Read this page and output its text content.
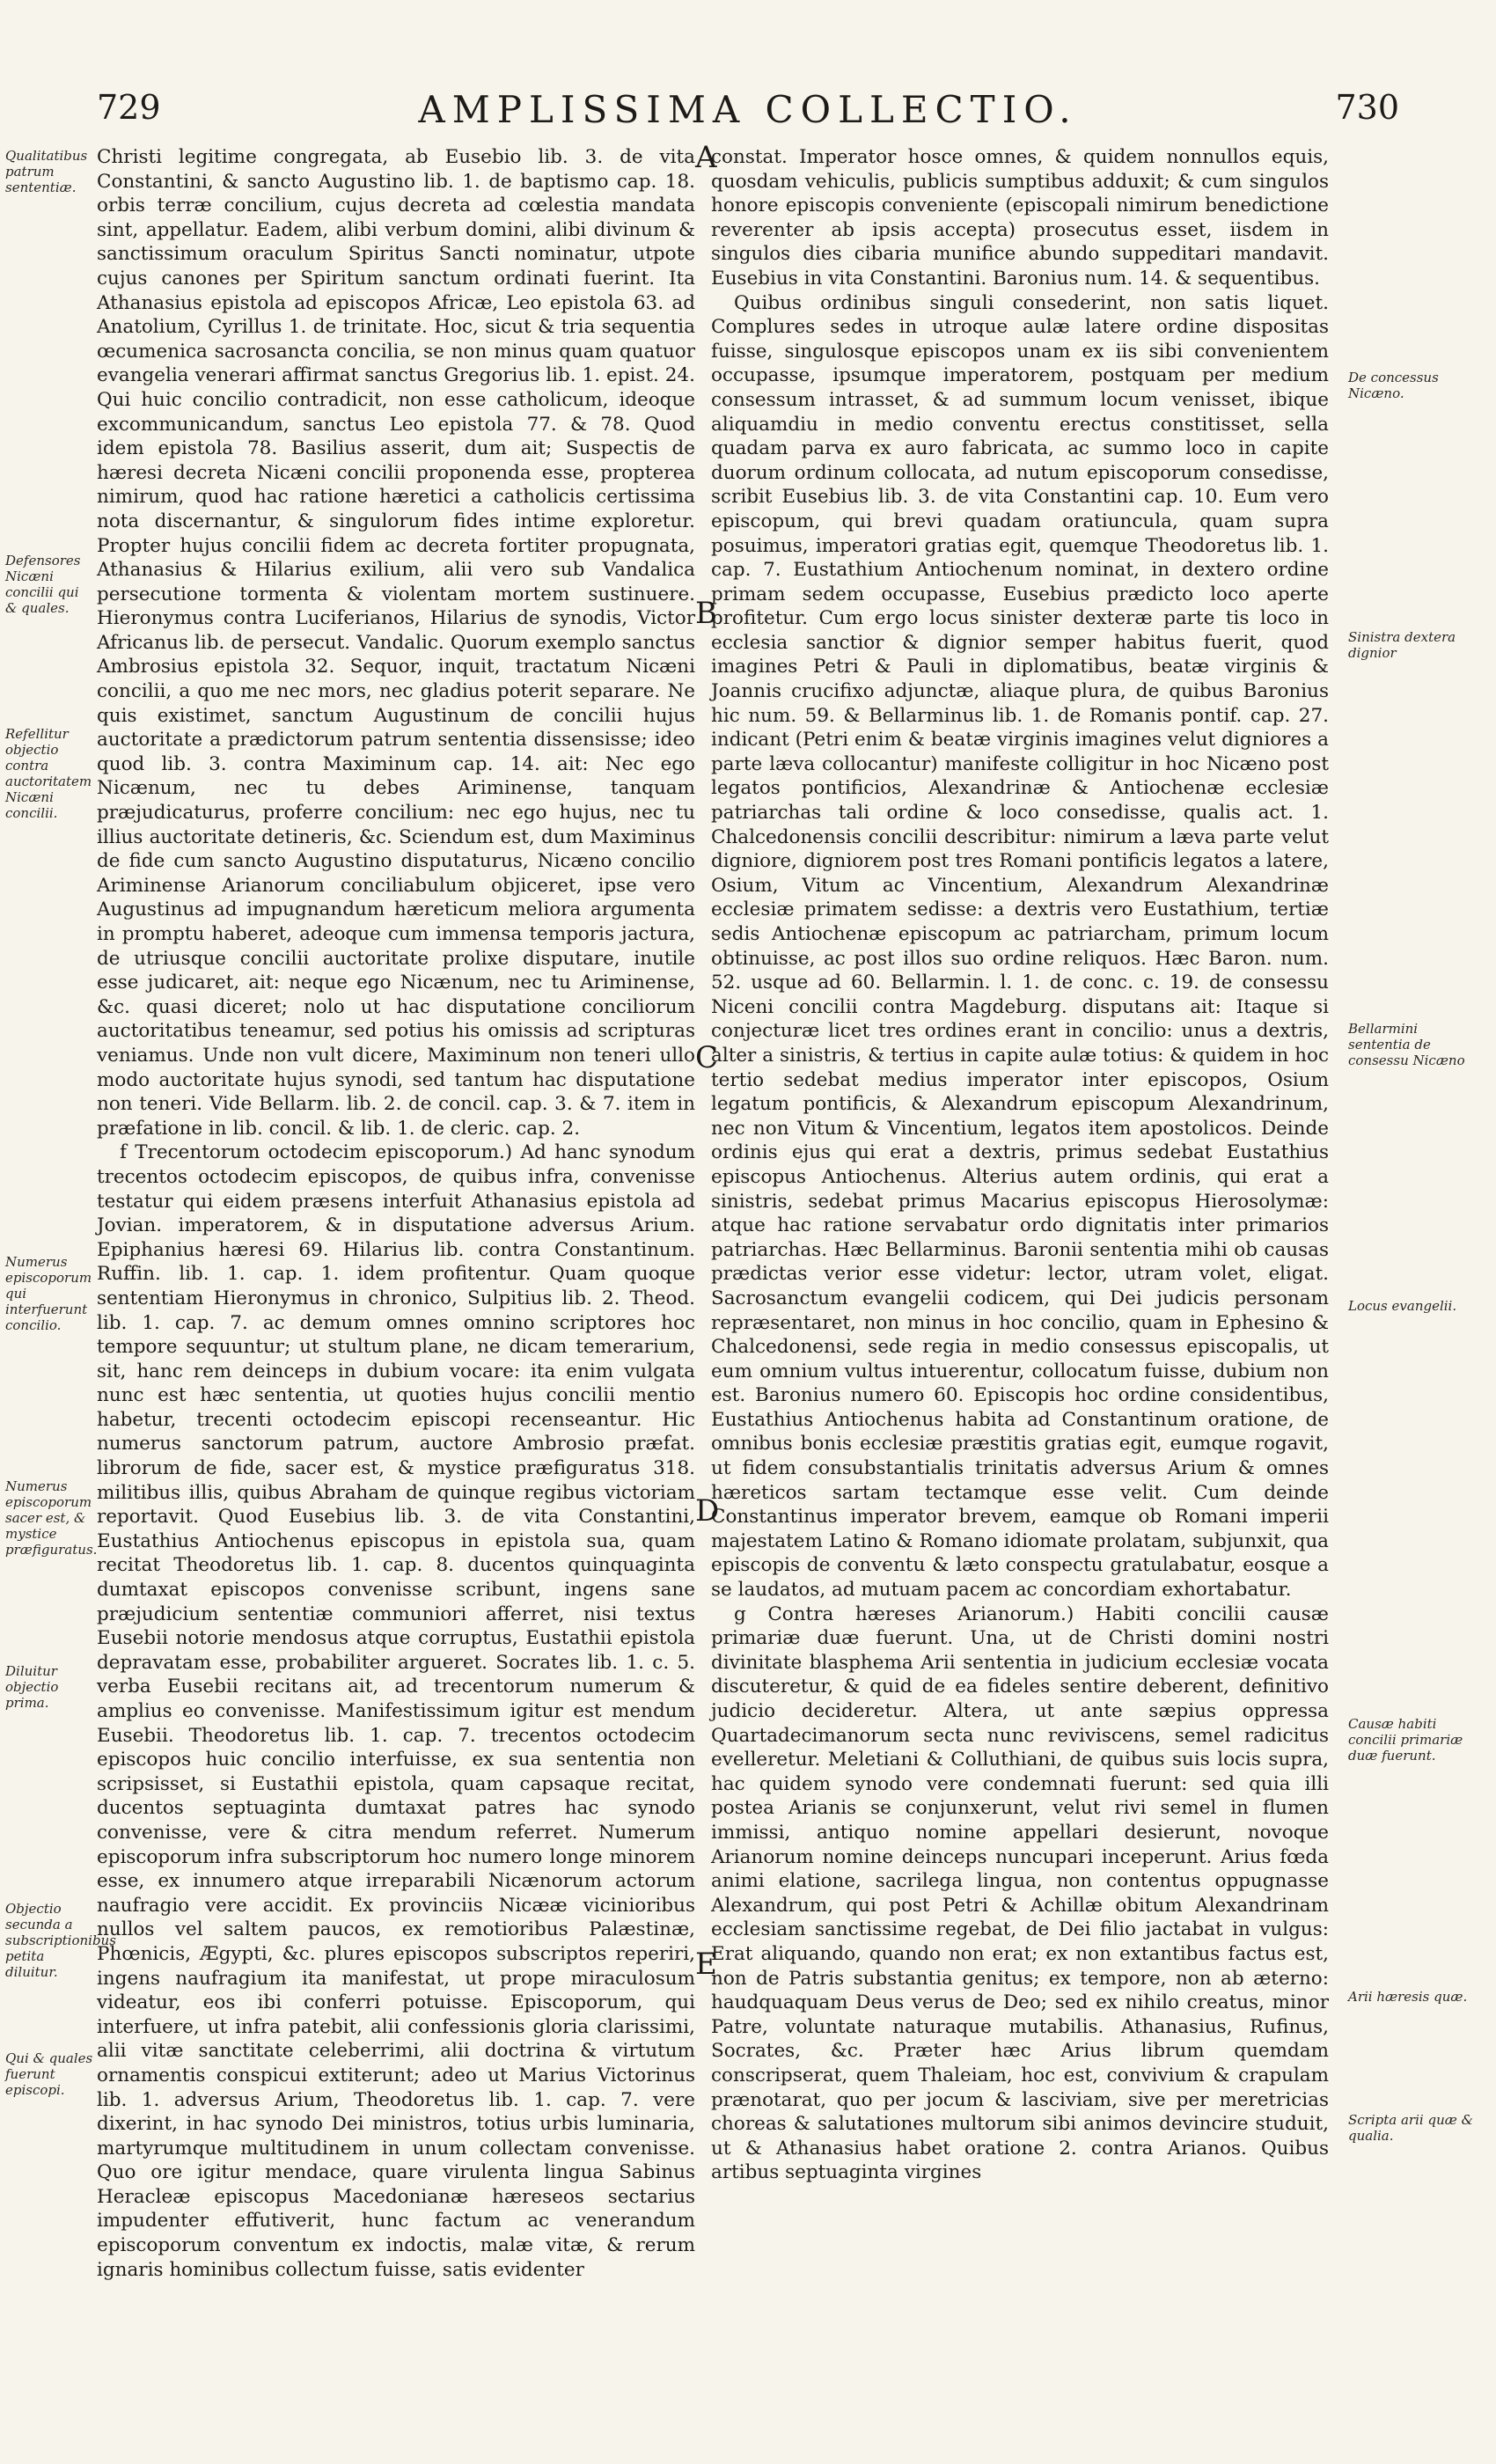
729	AMPLISSIMA COLLECTIO.	730
Qualitatibus patrum sententiæ.
Defensores Nicæni concilii qui & quales.
Refellitur objectio contra auctoritatem Nicæni concilii.
Numerus episcoporum qui interfuerunt concilio.
Numerus episcoporum sacer est, & mystice præfiguratus.
Diluitur objectio prima.
Objectio secunda a subscriptionibus petita diluitur.
Qui & quales fuerunt episcopi.
De concessus Nicæno.
Sinistra dextera dignior
Bellarmini sententia de consessu Nicæno
Locus evangelii.
Causæ habiti concilii primariæ duæ fuerunt.
Arii hæresis quæ.
Scripta arii quæ & qualia.
A
B
C
D
E

Christi legitime congregata, ab Eusebio lib. 3. de vita Constantini, & sancto Augustino lib. 1. de baptismo cap. 18. orbis terræ concilium, cujus decreta ad cœlestia mandata sint, appellatur. Eadem, alibi verbum domini, alibi divinum & sanctissimum oraculum Spiritus Sancti nominatur, utpote cujus canones per Spiritum sanctum ordinati fuerint. Ita Athanasius epistola ad episcopos Africæ, Leo epistola 63. ad Anatolium, Cyrillus 1. de trinitate. Hoc, sicut & tria sequentia œcumenica sacrosancta concilia, se non minus quam quatuor evangelia venerari affirmat sanctus Gregorius lib. 1. epist. 24. Qui huic concilio contradicit, non esse catholicum, ideoque excommunicandum, sanctus Leo epistola 77. & 78. Quod idem epistola 78. Basilius asserit, dum ait; Suspectis de hæresi decreta Nicæni concilii proponenda esse, propterea nimirum, quod hac ratione hæretici a catholicis certissima nota discernantur, & singulorum fides intime exploretur. Propter hujus concilii fidem ac decreta fortiter propugnata, Athanasius & Hilarius exilium, alii vero sub Vandalica persecutione tormenta & violentam mortem sustinuere. Hieronymus contra Luciferianos, Hilarius de synodis, Victor Africanus lib. de persecut. Vandalic. Quorum exemplo sanctus Ambrosius epistola 32. Sequor, inquit, tractatum Nicæni concilii, a quo me nec mors, nec gladius poterit separare. Ne quis existimet, sanctum Augustinum de concilii hujus auctoritate a prædictorum patrum sententia dissensisse; ideo quod lib. 3. contra Maximinum cap. 14. ait: Nec ego Nicænum, nec tu debes Ariminense, tanquam præjudicaturus, proferre concilium: nec ego hujus, nec tu illius auctoritate detineris, &c. Sciendum est, dum Maximinus de fide cum sancto Augustino disputaturus, Nicæno concilio Ariminense Arianorum conciliabulum objiceret, ipse vero Augustinus ad impugnandum hæreticum meliora argumenta in promptu haberet, adeoque cum immensa temporis jactura, de utriusque concilii auctoritate prolixe disputare, inutile esse judicaret, ait: neque ego Nicænum, nec tu Ariminense, &c. quasi diceret; nolo ut hac disputatione conciliorum auctoritatibus teneamur, sed potius his omissis ad scripturas veniamus. Unde non vult dicere, Maximinum non teneri ullo modo auctoritate hujus synodi, sed tantum hac disputatione non teneri. Vide Bellarm. lib. 2. de concil. cap. 3. & 7. item in præfatione in lib. concil. & lib. 1. de cleric. cap. 2.

f Trecentorum octodecim episcoporum.) Ad hanc synodum trecentos octodecim episcopos, de quibus infra, convenisse testatur qui eidem præsens interfuit Athanasius epistola ad Jovian. imperatorem, & in disputatione adversus Arium. Epiphanius hæresi 69. Hilarius lib. contra Constantinum. Ruffin. lib. 1. cap. 1. idem profitentur. Quam quoque sententiam Hieronymus in chronico, Sulpitius lib. 2. Theod. lib. 1. cap. 7. ac demum omnes omnino scriptores hoc tempore sequuntur; ut stultum plane, ne dicam temerarium, sit, hanc rem deinceps in dubium vocare: ita enim vulgata nunc est hæc sententia, ut quoties hujus concilii mentio habetur, trecenti octodecim episcopi recenseantur. Hic numerus sanctorum patrum, auctore Ambrosio præfat. librorum de fide, sacer est, & mystice præfiguratus 318. militibus illis, quibus Abraham de quinque regibus victoriam reportavit. Quod Eusebius lib. 3. de vita Constantini, Eustathius Antiochenus episcopus in epistola sua, quam recitat Theodoretus lib. 1. cap. 8. ducentos quinquaginta dumtaxat episcopos convenisse scribunt, ingens sane præjudicium sententiæ communiori afferret, nisi textus Eusebii notorie mendosus atque corruptus, Eustathii epistola depravatam esse, probabiliter argueret. Socrates lib. 1. c. 5. verba Eusebii recitans ait, ad trecentorum numerum & amplius eo convenisse. Manifestissimum igitur est mendum Eusebii. Theodoretus lib. 1. cap. 7. trecentos octodecim episcopos huic concilio interfuisse, ex sua sententia non scripsisset, si Eustathii epistola, quam capsaque recitat, ducentos septuaginta dumtaxat patres hac synodo convenisse, vere & citra mendum referret. Numerum episcoporum infra subscriptorum hoc numero longe minorem esse, ex innumero atque irreparabili Nicænorum actorum naufragio vere accidit. Ex provinciis Nicææ vicinioribus nullos vel saltem paucos, ex remotioribus Palæstinæ, Phœnicis, Ægypti, &c. plures episcopos subscriptos reperiri, ingens naufragium ita manifestat, ut prope miraculosum videatur, eos ibi conferri potuisse. Episcoporum, qui interfuere, ut infra patebit, alii confessionis gloria clarissimi, alii vitæ sanctitate celeberrimi, alii doctrina & virtutum ornamentis conspicui extiterunt; adeo ut Marius Victorinus lib. 1. adversus Arium, Theodoretus lib. 1. cap. 7. vere dixerint, in hac synodo Dei ministros, totius urbis luminaria, martyrumque multitudinem in unum collectam convenisse. Quo ore igitur mendace, quare virulenta lingua Sabinus Heracleæ episcopus Macedonianæ hæreseos sectarius impudenter effutiverit, hunc factum ac venerandum episcoporum conventum ex indoctis, malæ vitæ, & rerum ignaris hominibus collectum fuisse, satis evidenter

constat. Imperator hosce omnes, & quidem nonnullos equis, quosdam vehiculis, publicis sumptibus adduxit; & cum singulos honore episcopis conveniente (episcopali nimirum benedictione reverenter ab ipsis accepta) prosecutus esset, iisdem in singulos dies cibaria munifice abundo suppeditari mandavit. Eusebius in vita Constantini. Baronius num. 14. & sequentibus.

Quibus ordinibus singuli consederint, non satis liquet. Complures sedes in utroque aulæ latere ordine dispositas fuisse, singulosque episcopos unam ex iis sibi convenientem occupasse, ipsumque imperatorem, postquam per medium consessum intrasset, & ad summum locum venisset, ibique aliquamdiu in medio conventu erectus constitisset, sella quadam parva ex auro fabricata, ac summo loco in capite duorum ordinum collocata, ad nutum episcoporum consedisse, scribit Eusebius lib. 3. de vita Constantini cap. 10. Eum vero episcopum, qui brevi quadam oratiuncula, quam supra posuimus, imperatori gratias egit, quemque Theodoretus lib. 1. cap. 7. Eustathium Antiochenum nominat, in dextero ordine primam sedem occupasse, Eusebius prædicto loco aperte profitetur. Cum ergo locus sinister dexteræ parte tis loco in ecclesia sanctior & dignior semper habitus fuerit, quod imagines Petri & Pauli in diplomatibus, beatæ virginis & Joannis crucifixo adjunctæ, aliaque plura, de quibus Baronius hic num. 59. & Bellarminus lib. 1. de Romanis pontif. cap. 27. indicant (Petri enim & beatæ virginis imagines velut digniores a parte læva collocantur) manifeste colligitur in hoc Nicæno post legatos pontificios, Alexandrinæ & Antiochenæ ecclesiæ patriarchas tali ordine & loco consedisse, qualis act. 1. Chalcedonensis concilii describitur: nimirum a læva parte velut digniore, digniorem post tres Romani pontificis legatos a latere, Osium, Vitum ac Vincentium, Alexandrum Alexandrinæ ecclesiæ primatem sedisse: a dextris vero Eustathium, tertiæ sedis Antiochenæ episcopum ac patriarcham, primum locum obtinuisse, ac post illos suo ordine reliquos. Hæc Baron. num. 52. usque ad 60. Bellarmin. l. 1. de conc. c. 19. de consessu Niceni concilii contra Magdeburg. disputans ait: Itaque si conjecturæ licet tres ordines erant in concilio: unus a dextris, alter a sinistris, & tertius in capite aulæ totius: & quidem in hoc tertio sedebat medius imperator inter episcopos, Osium legatum pontificis, & Alexandrum episcopum Alexandrinum, nec non Vitum & Vincentium, legatos item apostolicos. Deinde ordinis ejus qui erat a dextris, primus sedebat Eustathius episcopus Antiochenus. Alterius autem ordinis, qui erat a sinistris, sedebat primus Macarius episcopus Hierosolymæ: atque hac ratione servabatur ordo dignitatis inter primarios patriarchas. Hæc Bellarminus. Baronii sententia mihi ob causas prædictas verior esse videtur: lector, utram volet, eligat. Sacrosanctum evangelii codicem, qui Dei judicis personam repræsentaret, non minus in hoc concilio, quam in Ephesino & Chalcedonensi, sede regia in medio consessus episcopalis, ut eum omnium vultus intuerentur, collocatum fuisse, dubium non est. Baronius numero 60. Episcopis hoc ordine considentibus, Eustathius Antiochenus habita ad Constantinum oratione, de omnibus bonis ecclesiæ præstitis gratias egit, eumque rogavit, ut fidem consubstantialis trinitatis adversus Arium & omnes hæreticos sartam tectamque esse velit. Cum deinde Constantinus imperator brevem, eamque ob Romani imperii majestatem Latino & Romano idiomate prolatam, subjunxit, qua episcopis de conventu & læto conspectu gratulabatur, eosque a se laudatos, ad mutuam pacem ac concordiam exhortabatur.

g Contra hæreses Arianorum.) Habiti concilii causæ primariæ duæ fuerunt. Una, ut de Christi domini nostri divinitate blasphema Arii sententia in judicium ecclesiæ vocata discuteretur, & quid de ea fideles sentire deberent, definitivo judicio decideretur. Altera, ut ante sæpius oppressa Quartadecimanorum secta nunc reviviscens, semel radicitus evelleretur. Meletiani & Colluthiani, de quibus suis locis supra, hac quidem synodo vere condemnati fuerunt: sed quia illi postea Arianis se conjunxerunt, velut rivi semel in flumen immissi, antiquo nomine appellari desierunt, novoque Arianorum nomine deinceps nuncupari inceperunt. Arius fœda animi elatione, sacrilega lingua, non contentus oppugnasse Alexandrum, qui post Petri & Achillæ obitum Alexandrinam ecclesiam sanctissime regebat, de Dei filio jactabat in vulgus: Erat aliquando, quando non erat; ex non extantibus factus est, non de Patris substantia genitus; ex tempore, non ab æterno: haudquaquam Deus verus de Deo; sed ex nihilo creatus, minor Patre, voluntate naturaque mutabilis. Athanasius, Rufinus, Socrates, &c. Præter hæc Arius librum quemdam conscripserat, quem Thaleiam, hoc est, convivium & crapulam prænotarat, quo per jocum & lasciviam, sive per meretricias choreas & salutationes multorum sibi animos devincire studuit, ut & Athanasius habet oratione 2. contra Arianos. Quibus artibus septuaginta virgines
